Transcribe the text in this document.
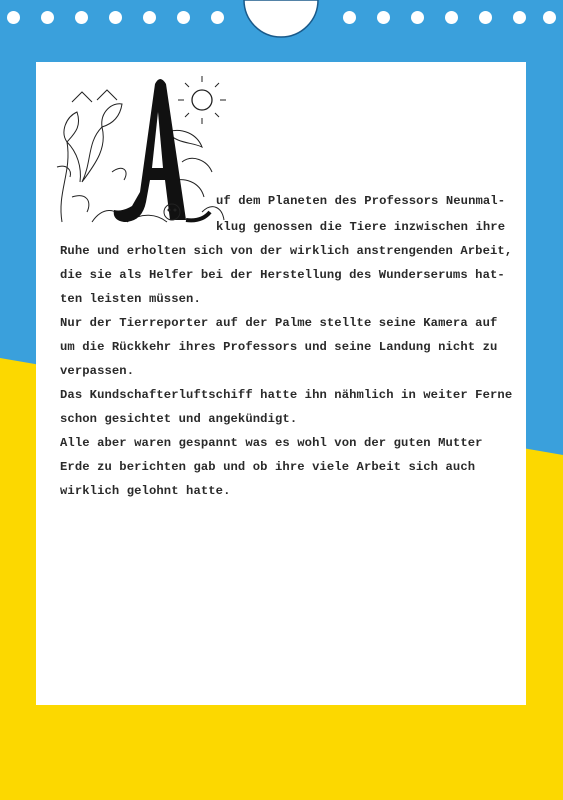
uf dem Planeten des Professors Neunmal-
klug genossen die Tiere inzwischen ihre
Ruhe und erholten sich von der wirklich anstrengenden Arbeit,
die sie als Helfer bei der Herstellung des Wunderserums hat-
ten leisten müssen.
Nur der Tierreporter auf der Palme stellte seine Kamera auf
um die Rückkehr ihres Professors und seine Landung nicht zu
verpassen.
Das Kundschafterluftschiff hatte ihn nähmlich in weiter Ferne
schon gesichtet und angekündigt.
Alle aber waren gespannt was es wohl von der guten Mutter
Erde zu berichten gab und ob ihre viele Arbeit sich auch
wirklich gelohnt hatte.
